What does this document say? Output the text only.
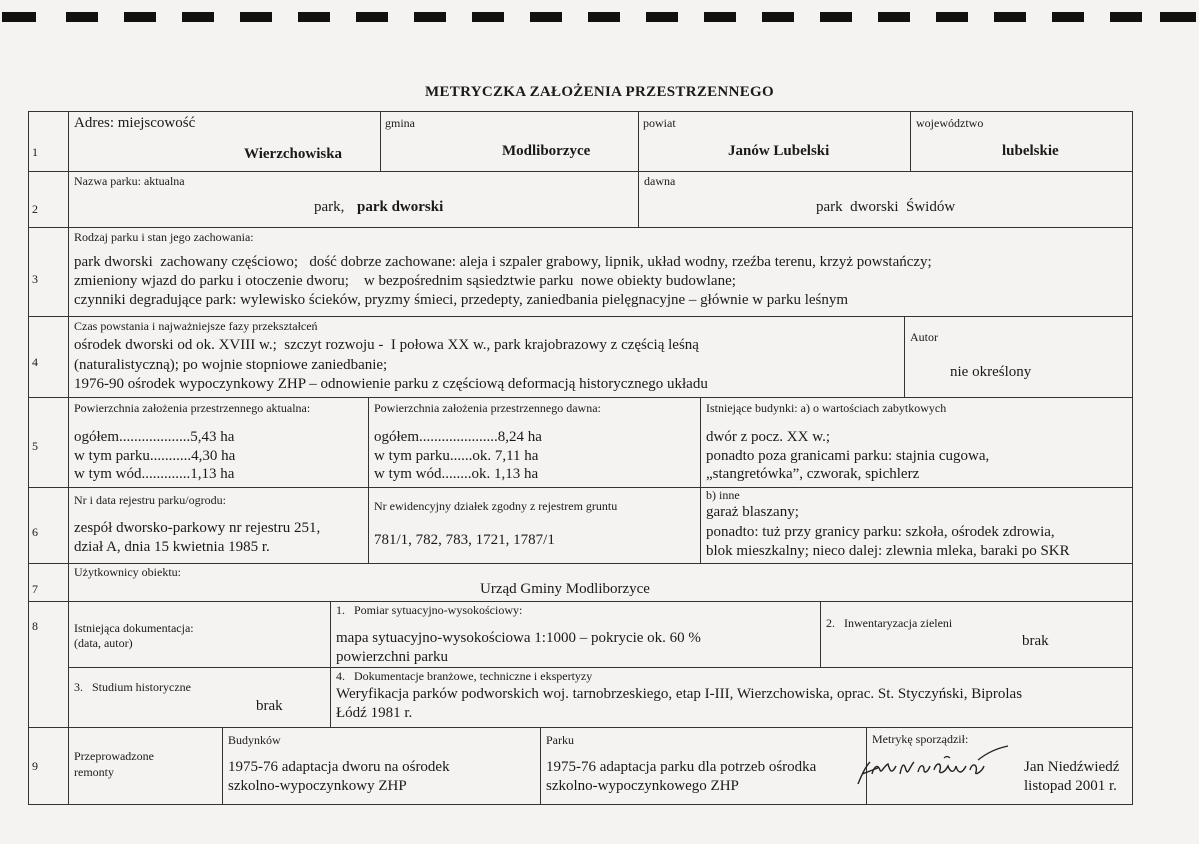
METRYCZKA ZAŁOŻENIA PRZESTRZENNEGO
1
Adres: miejscowość
Wierzchowiska
gmina
Modliborzyce
powiat
Janów Lubelski
województwo
lubelskie
2
Nazwa parku: aktualna
park, park dworski
dawna
park  dworski  Świdów
3
Rodzaj parku i stan jego zachowania:
park dworski  zachowany częściowo;   dość dobrze zachowane: aleja i szpaler grabowy, lipnik, układ wodny, rzeźba terenu, krzyż powstańczy;
zmieniony wjazd do parku i otoczenie dworu;    w bezpośrednim sąsiedztwie parku  nowe obiekty budowlane;
czynniki degradujące park: wylewisko ścieków, pryzmy śmieci, przedepty, zaniedbania pielęgnacyjne – głównie w parku leśnym
4
Czas powstania i najważniejsze fazy przekształceń
ośrodek dworski od ok. XVIII w.;  szczyt rozwoju -  I połowa XX w., park krajobrazowy z częścią leśną
(naturalistyczną); po wojnie stopniowe zaniedbanie;
1976-90 ośrodek wypoczynkowy ZHP – odnowienie parku z częściową deformacją historycznego układu
Autor
nie określony
5
Powierzchnia założenia przestrzennego aktualna:
ogółem...................5,43 ha
w tym parku...........4,30 ha
w tym wód.............1,13 ha
Powierzchnia założenia przestrzennego dawna:
ogółem.....................8,24 ha
w tym parku......ok. 7,11 ha
w tym wód........ok. 1,13 ha
Istniejące budynki: a) o wartościach zabytkowych
dwór z pocz. XX w.;
ponadto poza granicami parku: stajnia cugowa,
„stangretówka”, czworak, spichlerz
6
Nr i data rejestru parku/ogrodu:
zespół dworsko-parkowy nr rejestru 251,
dział A, dnia 15 kwietnia 1985 r.
Nr ewidencyjny działek zgodny z rejestrem gruntu
781/1, 782, 783, 1721, 1787/1
b) inne
garaż blaszany;
ponadto: tuż przy granicy parku: szkoła, ośrodek zdrowia,
blok mieszkalny; nieco dalej: zlewnia mleka, baraki po SKR
7
Użytkownicy obiektu:
Urząd Gminy Modliborzyce
8	Istniejąca dokumentacja:
(data, autor)
1.   Pomiar sytuacyjno-wysokościowy:
mapa sytuacyjno-wysokościowa 1:1000 – pokrycie ok. 60 %
powierzchni parku
2.   Inwentaryzacja zieleni
brak
3.   Studium historyczne
brak
4.   Dokumentacje branżowe, techniczne i ekspertyzy
Weryfikacja parków podworskich woj. tarnobrzeskiego, etap I-III, Wierzchowiska, oprac. St. Styczyński, Biprolas
Łódź 1981 r.
9
Przeprowadzone
remonty
Budynków
1975-76 adaptacja dworu na ośrodek
szkolno-wypoczynkowy ZHP
Parku
1975-76 adaptacja parku dla potrzeb ośrodka
szkolno-wypoczynkowego ZHP
Metrykę sporządził:
Jan Niedźwiedź
listopad 2001 r.
